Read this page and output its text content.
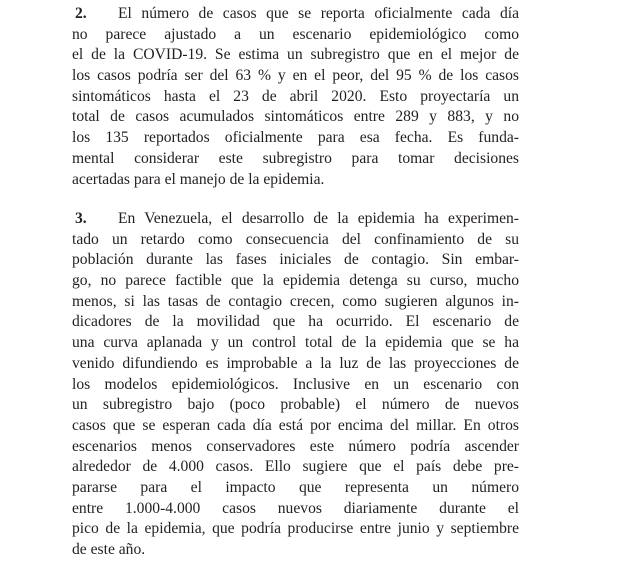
2.	El número de casos que se reporta oficialmente cada día
no parece ajustado a un escenario epidemiológico como
el de la COVID-19. Se estima un subregistro que en el mejor de
los casos podría ser del 63 % y en el peor, del 95 % de los casos
sintomáticos hasta el 23 de abril 2020. Esto proyectaría un
total de casos acumulados sintomáticos entre 289 y 883, y no
los 135 reportados oficialmente para esa fecha. Es funda-
mental considerar este subregistro para tomar decisiones
acertadas para el manejo de la epidemia.
3.	En Venezuela, el desarrollo de la epidemia ha experimen-
tado un retardo como consecuencia del confinamiento de su
población durante las fases iniciales de contagio. Sin embar-
go, no parece factible que la epidemia detenga su curso, mucho
menos, si las tasas de contagio crecen, como sugieren algunos in-
dicadores de la movilidad que ha ocurrido. El escenario de
una curva aplanada y un control total de la epidemia que se ha
venido difundiendo es improbable a la luz de las proyecciones de
los modelos epidemiológicos. Inclusive en un escenario con
un subregistro bajo (poco probable) el número de nuevos
casos que se esperan cada día está por encima del millar. En otros
escenarios menos conservadores este número podría ascender
alrededor de 4.000 casos. Ello sugiere que el país debe pre-
pararse para el impacto que representa un número
entre 1.000-4.000 casos nuevos diariamente durante el
pico de la epidemia, que podría producirse entre junio y septiembre
de este año.
